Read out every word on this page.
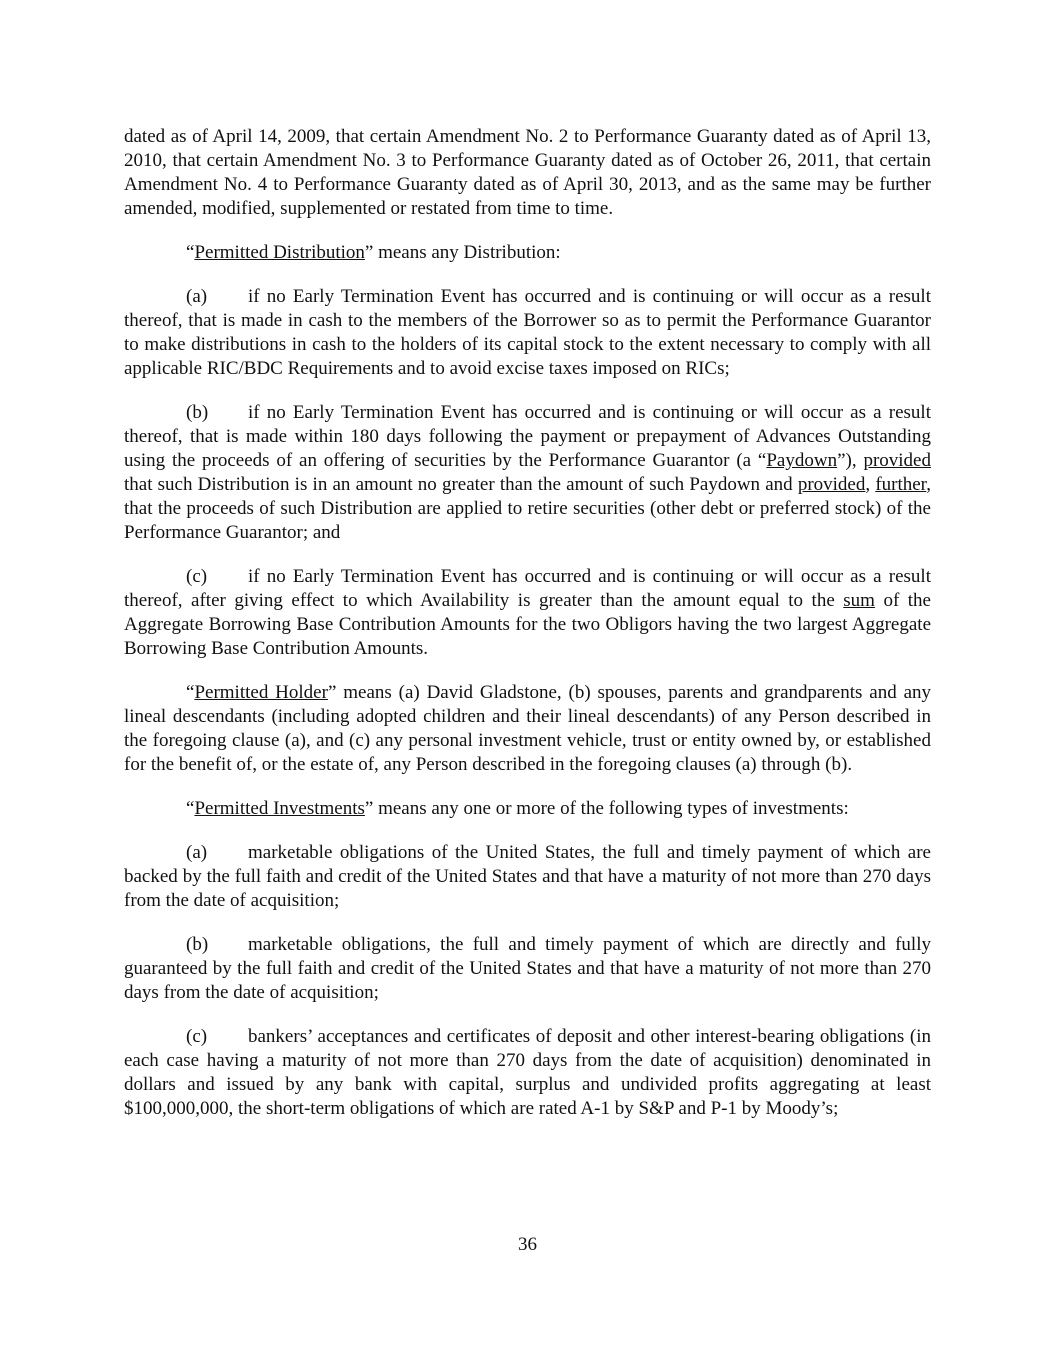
dated as of April 14, 2009, that certain Amendment No. 2 to Performance Guaranty dated as of April 13, 2010, that certain Amendment No. 3 to Performance Guaranty dated as of October 26, 2011, that certain Amendment No. 4 to Performance Guaranty dated as of April 30, 2013, and as the same may be further amended, modified, supplemented or restated from time to time.

“Permitted Distribution” means any Distribution:

(a) if no Early Termination Event has occurred and is continuing or will occur as a result thereof, that is made in cash to the members of the Borrower so as to permit the Performance Guarantor to make distributions in cash to the holders of its capital stock to the extent necessary to comply with all applicable RIC/BDC Requirements and to avoid excise taxes imposed on RICs;

(b) if no Early Termination Event has occurred and is continuing or will occur as a result thereof, that is made within 180 days following the payment or prepayment of Advances Outstanding using the proceeds of an offering of securities by the Performance Guarantor (a “Paydown”), provided that such Distribution is in an amount no greater than the amount of such Paydown and provided, further, that the proceeds of such Distribution are applied to retire securities (other debt or preferred stock) of the Performance Guarantor; and

(c) if no Early Termination Event has occurred and is continuing or will occur as a result thereof, after giving effect to which Availability is greater than the amount equal to the sum of the Aggregate Borrowing Base Contribution Amounts for the two Obligors having the two largest Aggregate Borrowing Base Contribution Amounts.

“Permitted Holder” means (a) David Gladstone, (b) spouses, parents and grandparents and any lineal descendants (including adopted children and their lineal descendants) of any Person described in the foregoing clause (a), and (c) any personal investment vehicle, trust or entity owned by, or established for the benefit of, or the estate of, any Person described in the foregoing clauses (a) through (b).

“Permitted Investments” means any one or more of the following types of investments:

(a) marketable obligations of the United States, the full and timely payment of which are backed by the full faith and credit of the United States and that have a maturity of not more than 270 days from the date of acquisition;

(b) marketable obligations, the full and timely payment of which are directly and fully guaranteed by the full faith and credit of the United States and that have a maturity of not more than 270 days from the date of acquisition;

(c) bankers’ acceptances and certificates of deposit and other interest-bearing obligations (in each case having a maturity of not more than 270 days from the date of acquisition) denominated in dollars and issued by any bank with capital, surplus and undivided profits aggregating at least $100,000,000, the short-term obligations of which are rated A-1 by S&P and P-1 by Moody’s;

36
